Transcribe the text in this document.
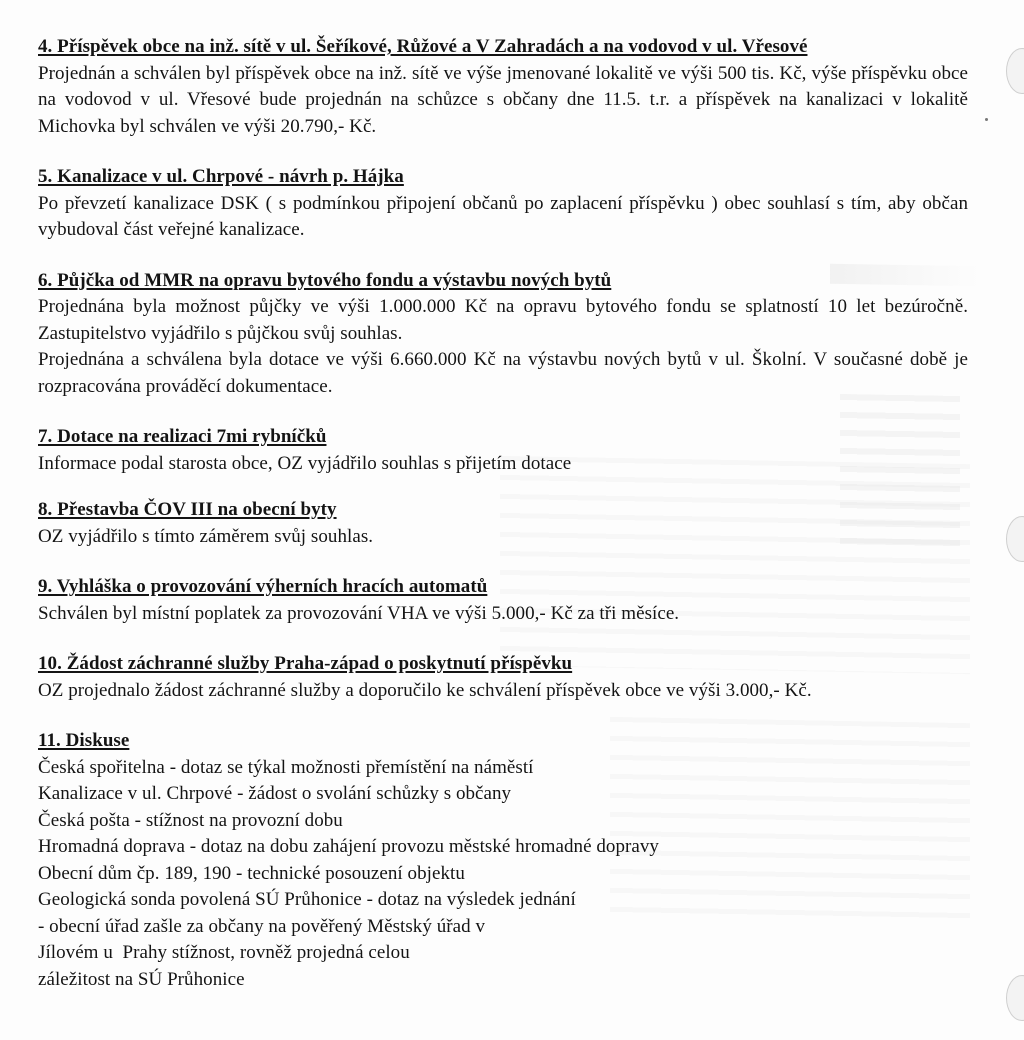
4. Příspěvek obce na inž. sítě v ul. Šeříkové, Růžové a V Zahradách a na vodovod v ul. Vřesové

Projednán a schválen byl příspěvek obce na inž. sítě ve výše jmenované lokalitě ve výši 500 tis. Kč, výše příspěvku obce na vodovod v ul. Vřesové bude projednán na schůzce s občany dne 11.5. t.r. a příspěvek na kanalizaci v lokalitě Michovka byl schválen ve výši 20.790,- Kč.

5. Kanalizace v ul. Chrpové - návrh p. Hájka

Po převzetí kanalizace DSK ( s podmínkou připojení občanů po zaplacení příspěvku ) obec souhlasí s tím, aby občan vybudoval část veřejné kanalizace.

6. Půjčka od MMR na opravu bytového fondu a výstavbu nových bytů

Projednána byla možnost půjčky ve výši 1.000.000 Kč na opravu bytového fondu se splatností 10 let bezúročně. Zastupitelstvo vyjádřilo s půjčkou svůj souhlas.

Projednána a schválena byla dotace ve výši 6.660.000 Kč na výstavbu nových bytů v ul. Školní. V současné době je rozpracována prováděcí dokumentace.

7. Dotace na realizaci 7mi rybníčků

Informace podal starosta obce, OZ vyjádřilo souhlas s přijetím dotace

8. Přestavba ČOV III na obecní byty

OZ vyjádřilo s tímto záměrem svůj souhlas.

9. Vyhláška o provozování výherních hracích automatů

Schválen byl místní poplatek za provozování VHA ve výši 5.000,- Kč za tři měsíce.

10. Žádost záchranné služby Praha-západ o poskytnutí příspěvku

OZ projednalo žádost záchranné služby a doporučilo ke schválení příspěvek obce ve výši 3.000,- Kč.

11. Diskuse

Česká spořitelna - dotaz se týkal možnosti přemístění na náměstí

Kanalizace v ul. Chrpové - žádost o svolání schůzky s občany

Česká pošta - stížnost na provozní dobu

Hromadná doprava - dotaz na dobu zahájení provozu městské hromadné dopravy

Obecní dům čp. 189, 190 - technické posouzení objektu

Geologická sonda povolená SÚ Průhonice - dotaz na výsledek jednání

- obecní úřad zašle za občany na pověřený Městský úřad v

Jílovém u  Prahy stížnost, rovněž projedná celou

záležitost na SÚ Průhonice
